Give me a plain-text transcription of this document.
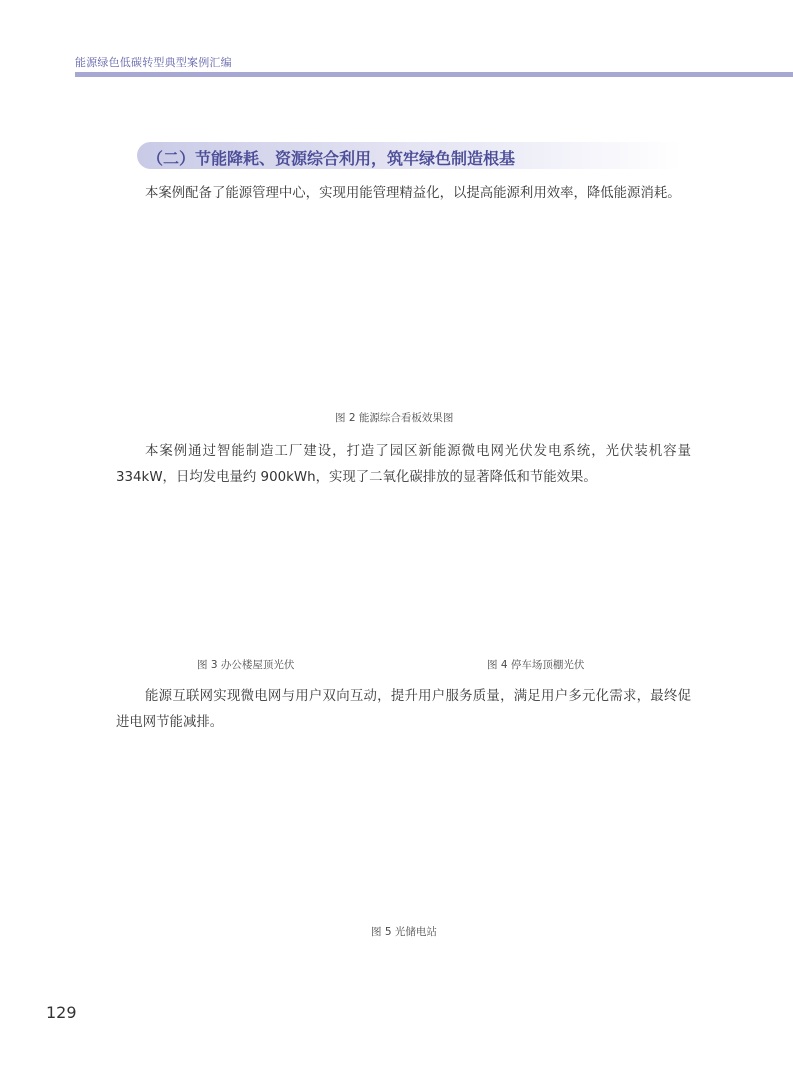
能源绿色低碳转型典型案例汇编
（二）节能降耗、资源综合利用，筑牢绿色制造根基
本案例配备了能源管理中心，实现用能管理精益化，以提高能源利用效率，降低能源消耗。
图 2 能源综合看板效果图
本案例通过智能制造工厂建设，打造了园区新能源微电网光伏发电系统，光伏装机容量 334kW，日均发电量约 900kWh，实现了二氧化碳排放的显著降低和节能效果。
图 3 办公楼屋顶光伏	图 4 停车场顶棚光伏
能源互联网实现微电网与用户双向互动，提升用户服务质量，满足用户多元化需求，最终促进电网节能减排。
图 5 光储电站
129
